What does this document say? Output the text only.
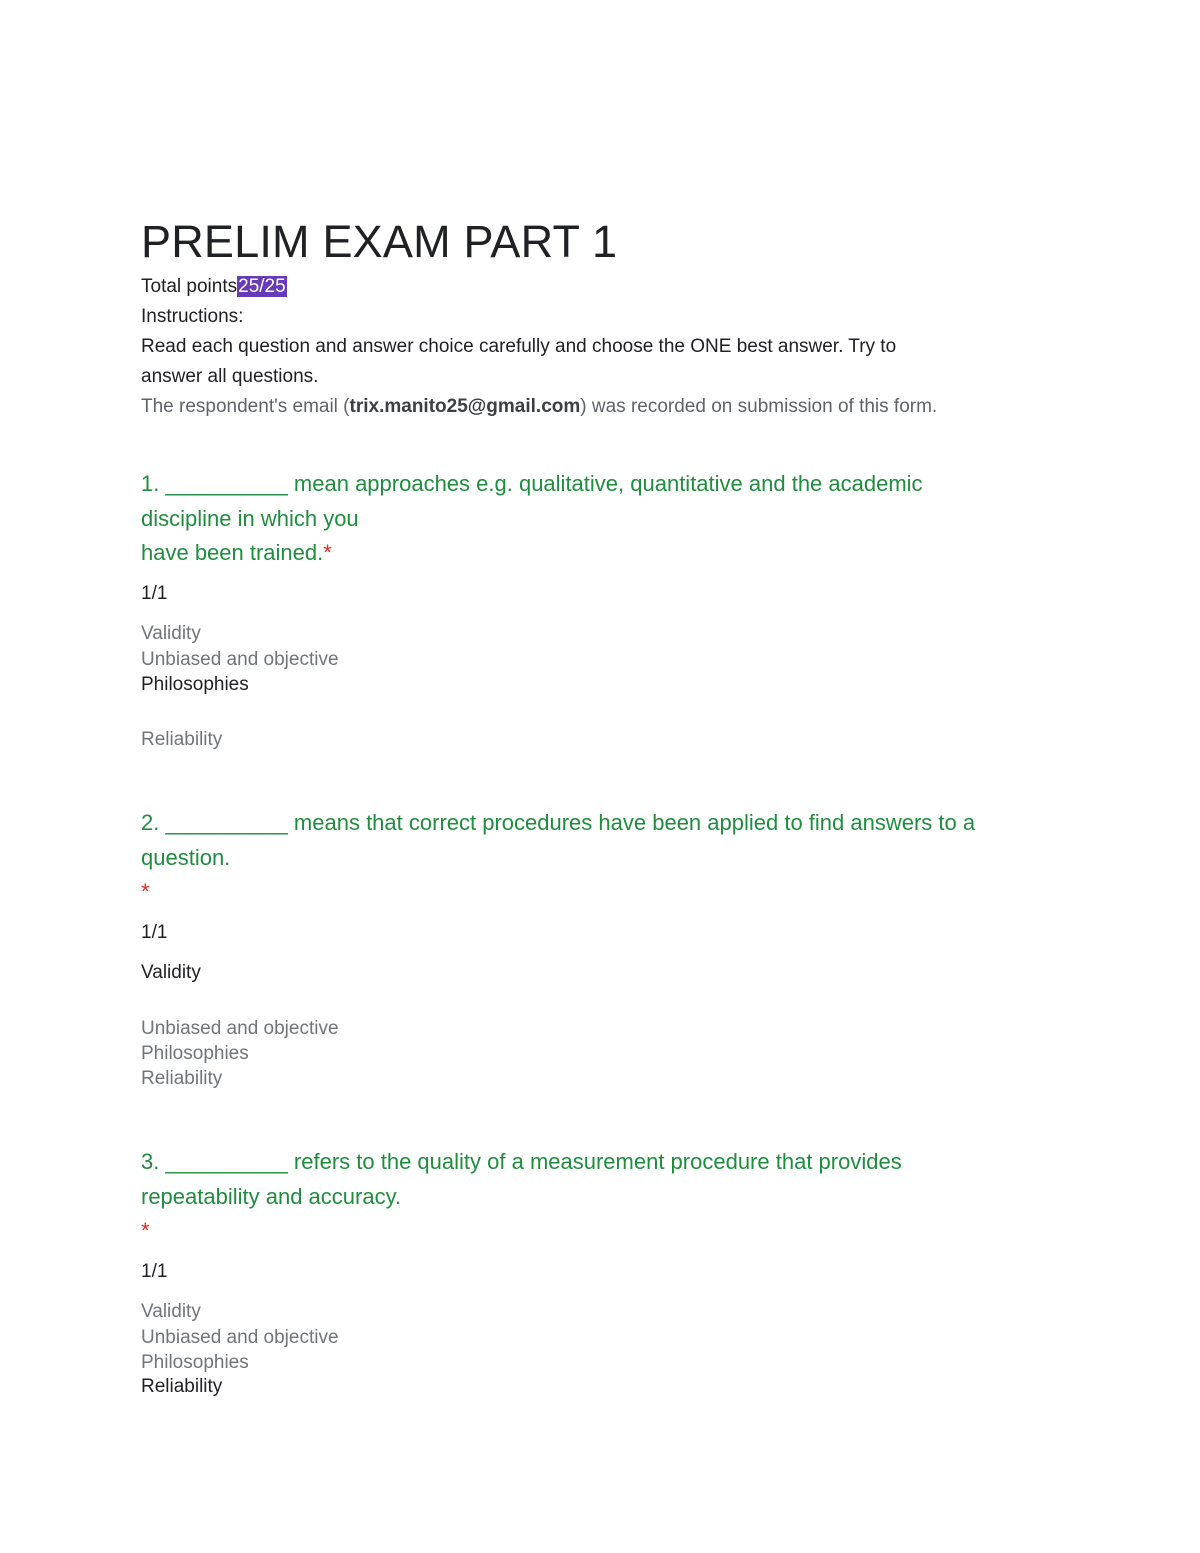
PRELIM EXAM PART 1
Total points25/25
Instructions:
Read each question and answer choice carefully and choose the ONE best answer. Try to
answer all questions.
The respondent's email (trix.manito25@gmail.com) was recorded on submission of this form.
1. __________ mean approaches e.g. qualitative, quantitative and the academic
discipline in which you
have been trained.*
1/1
Validity
Unbiased and objective
Philosophies
Reliability
2. __________ means that correct procedures have been applied to find answers to a
question.
*
1/1
Validity
Unbiased and objective
Philosophies
Reliability
3. __________ refers to the quality of a measurement procedure that provides
repeatability and accuracy.
*
1/1
Validity
Unbiased and objective
Philosophies
Reliability
